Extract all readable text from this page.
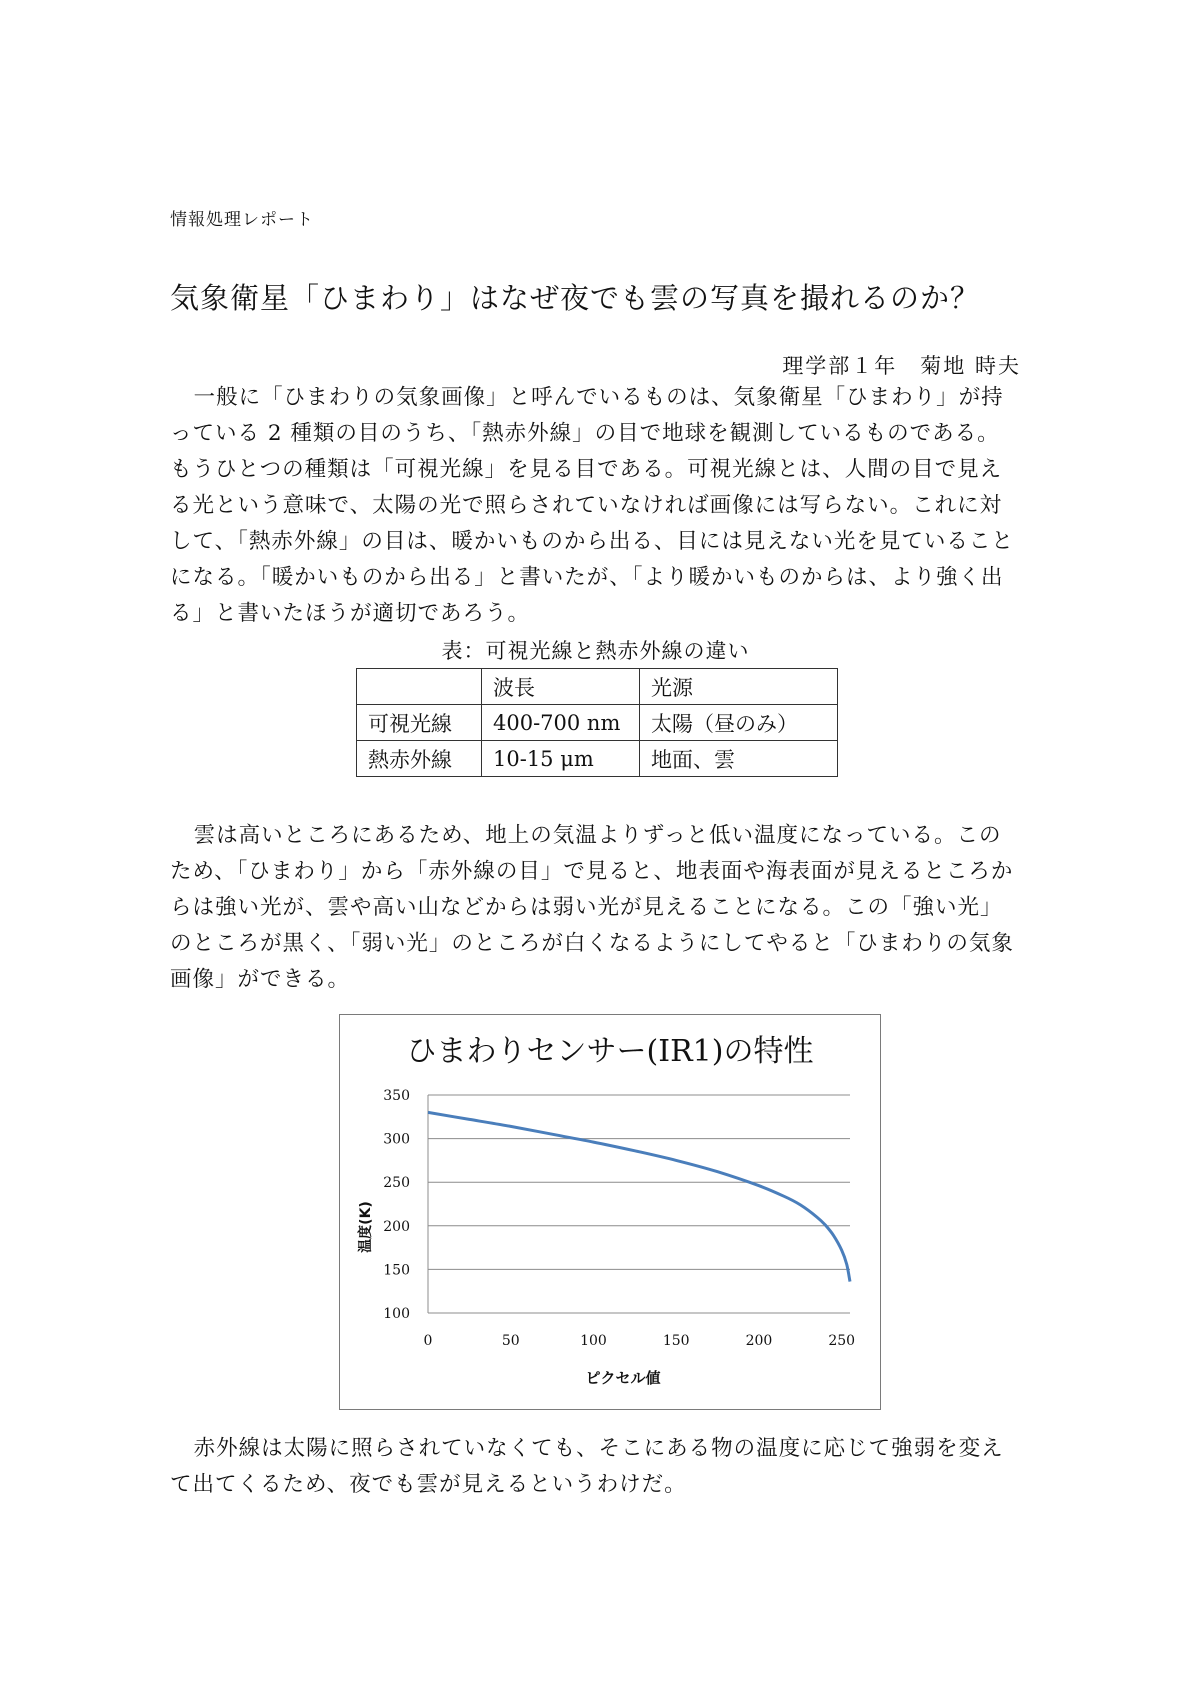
情報処理レポート
気象衛星「ひまわり」はなぜ夜でも雲の写真を撮れるのか？
理学部１年　菊地 時夫

一般に「ひまわりの気象画像」と呼んでいるものは、気象衛星「ひまわり」が持っている 2 種類の目のうち、「熱赤外線」の目で地球を観測しているものである。もうひとつの種類は「可視光線」を見る目である。可視光線とは、人間の目で見える光という意味で、太陽の光で照らされていなければ画像には写らない。これに対して、「熱赤外線」の目は、暖かいものから出る、目には見えない光を見ていることになる。「暖かいものから出る」と書いたが、「より暖かいものからは、より強く出る」と書いたほうが適切であろう。

表：可視光線と熱赤外線の違い
	波長	光源
可視光線	400-700 nm	太陽（昼のみ）
熱赤外線	10-15 μm	地面、雲

雲は高いところにあるため、地上の気温よりずっと低い温度になっている。このため、「ひまわり」から「赤外線の目」で見ると、地表面や海表面が見えるところからは強い光が、雲や高い山などからは弱い光が見えることになる。この「強い光」のところが黒く、「弱い光」のところが白くなるようにしてやると「ひまわりの気象画像」ができる。

100
150
200
250
300
350
0	50	100	150	200	250
ひまわりセンサー(IR1)の特性
ピクセル値
温度(K)

赤外線は太陽に照らされていなくても、そこにある物の温度に応じて強弱を変えて出てくるため、夜でも雲が見えるというわけだ。
